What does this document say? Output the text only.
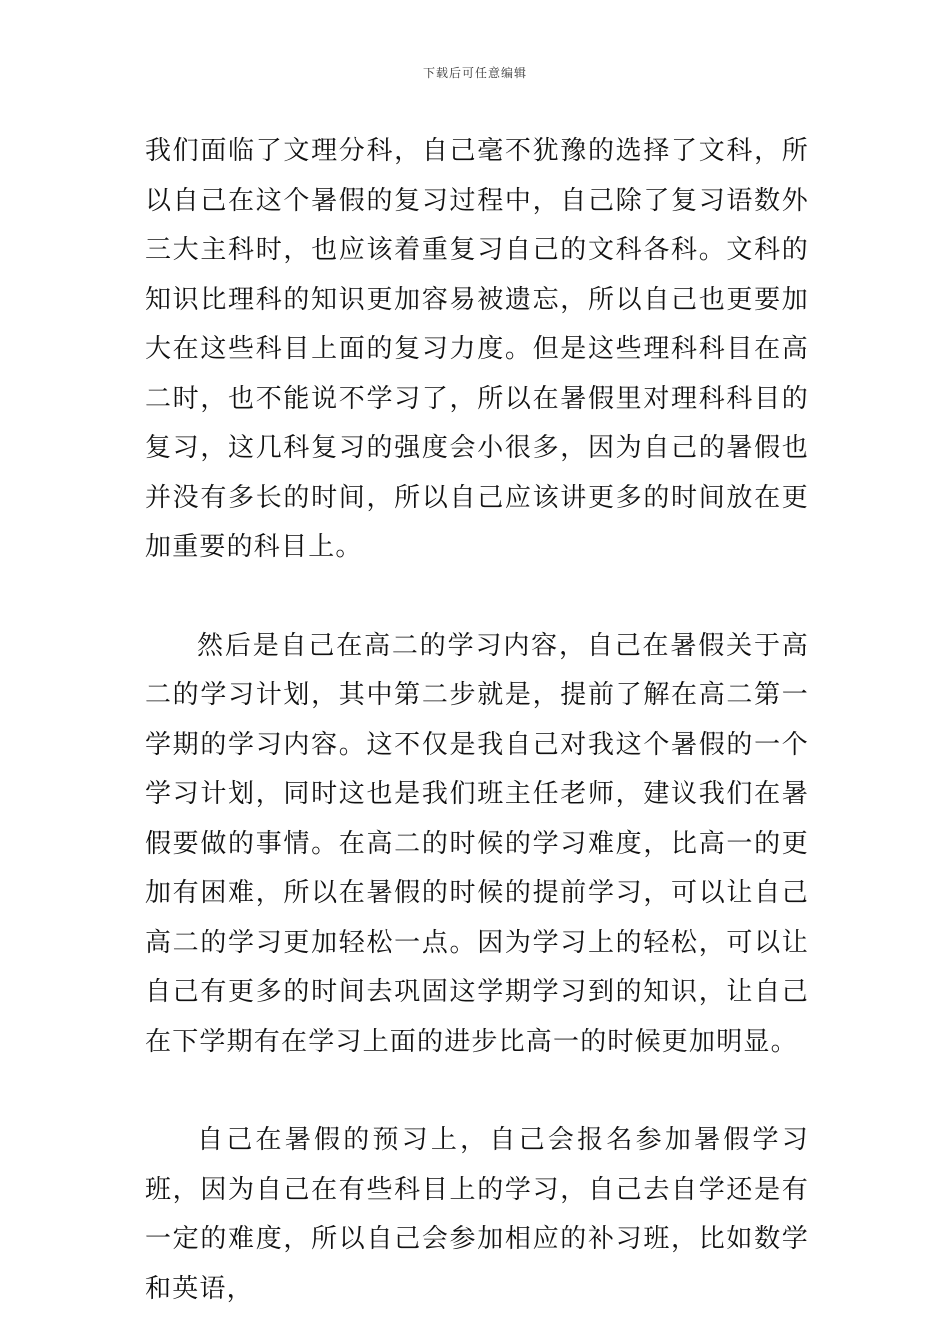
下载后可任意编辑

我们面临了文理分科，自己毫不犹豫的选择了文科，所以自己在这个暑假的复习过程中，自己除了复习语数外三大主科时，也应该着重复习自己的文科各科。文科的知识比理科的知识更加容易被遗忘，所以自己也更要加大在这些科目上面的复习力度。但是这些理科科目在高二时，也不能说不学习了，所以在暑假里对理科科目的复习，这几科复习的强度会小很多，因为自己的暑假也并没有多长的时间，所以自己应该讲更多的时间放在更加重要的科目上。

然后是自己在高二的学习内容，自己在暑假关于高二的学习计划，其中第二步就是，提前了解在高二第一学期的学习内容。这不仅是我自己对我这个暑假的一个学习计划，同时这也是我们班主任老师，建议我们在暑假要做的事情。在高二的时候的学习难度，比高一的更加有困难，所以在暑假的时候的提前学习，可以让自己高二的学习更加轻松一点。因为学习上的轻松，可以让自己有更多的时间去巩固这学期学习到的知识，让自己在下学期有在学习上面的进步比高一的时候更加明显。

自己在暑假的预习上，自己会报名参加暑假学习班，因为自己在有些科目上的学习，自己去自学还是有一定的难度，所以自己会参加相应的补习班，比如数学和英语，
